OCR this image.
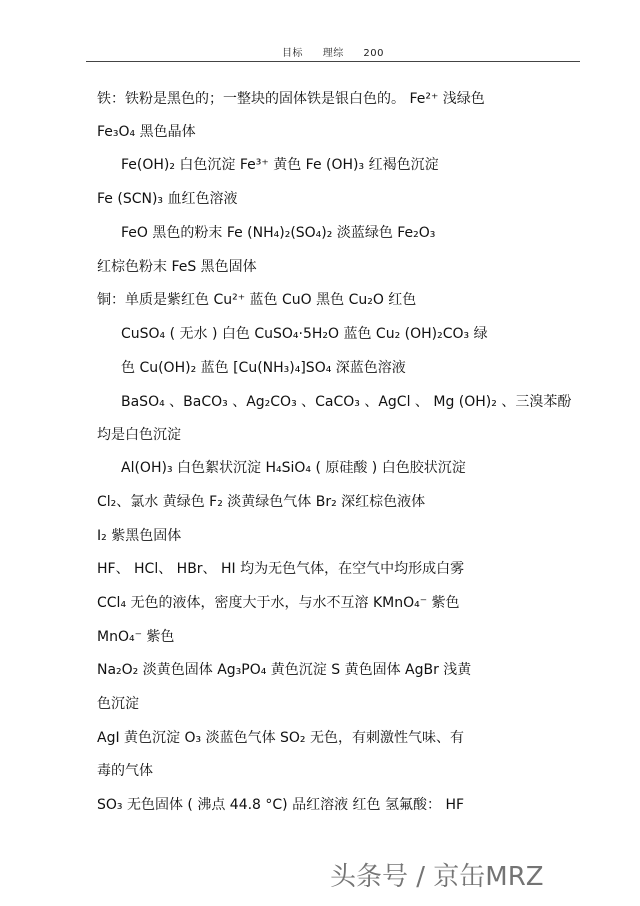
目标 理综 200
铁：铁粉是黑色的；一整块的固体铁是银白色的。 Fe²⁺ 浅绿色
Fe₃O₄ 黑色晶体
Fe(OH)₂ 白色沉淀 Fe³⁺ 黄色 Fe (OH)₃ 红褐色沉淀
Fe (SCN)₃ 血红色溶液
FeO 黑色的粉末 Fe (NH₄)₂(SO₄)₂ 淡蓝绿色 Fe₂O₃
红棕色粉末 FeS 黑色固体
铜：单质是紫红色 Cu²⁺ 蓝色 CuO 黑色 Cu₂O 红色
CuSO₄ ( 无水 ) 白色 CuSO₄·5H₂O 蓝色 Cu₂ (OH)₂CO₃ 绿
色 Cu(OH)₂ 蓝色 [Cu(NH₃)₄]SO₄ 深蓝色溶液
BaSO₄ 、BaCO₃ 、Ag₂CO₃ 、CaCO₃ 、AgCl 、 Mg (OH)₂ 、三溴苯酚
均是白色沉淀
Al(OH)₃ 白色絮状沉淀 H₄SiO₄ ( 原硅酸 ) 白色胶状沉淀
Cl₂、氯水 黄绿色 F₂ 淡黄绿色气体 Br₂ 深红棕色液体
I₂ 紫黑色固体
HF、 HCl、 HBr、 HI 均为无色气体，在空气中均形成白雾
CCl₄ 无色的液体，密度大于水，与水不互溶 KMnO₄⁻ 紫色
MnO₄⁻ 紫色
Na₂O₂ 淡黄色固体 Ag₃PO₄ 黄色沉淀 S 黄色固体 AgBr 浅黄
色沉淀
AgI 黄色沉淀 O₃ 淡蓝色气体 SO₂ 无色，有刺激性气味、有
毒的气体
SO₃ 无色固体 ( 沸点 44.8 °C) 品红溶液 红色 氢氟酸： HF
头条号 / 京缶MRZ
